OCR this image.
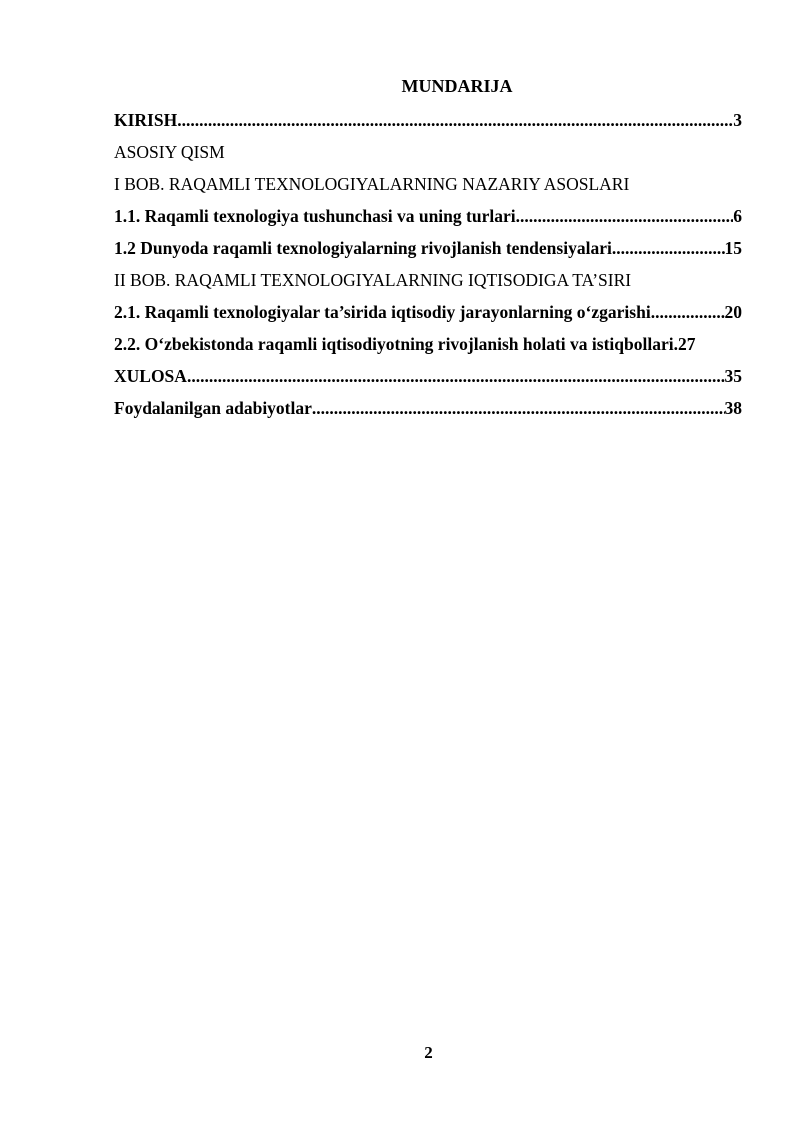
MUNDARIJA
KIRISH .....	3
ASOSIY QISM
I BOB. RAQAMLI TEXNOLOGIYALARNING NAZARIY ASOSLARI
1.1. Raqamli texnologiya tushunchasi va uning turlari .....	6
1.2 Dunyoda raqamli texnologiyalarning rivojlanish tendensiyalari .....	15
II BOB. RAQAMLI TEXNOLOGIYALARNING IQTISODIGA TA’SIRI
2.1. Raqamli texnologiyalar ta’sirida iqtisodiy jarayonlarning o‘zgarishi .....	20
2.2. O‘zbekistonda raqamli iqtisodiyotning rivojlanish holati va istiqbollari. 27
XULOSA .....	35
Foydalanilgan adabiyotlar .....	38
2
